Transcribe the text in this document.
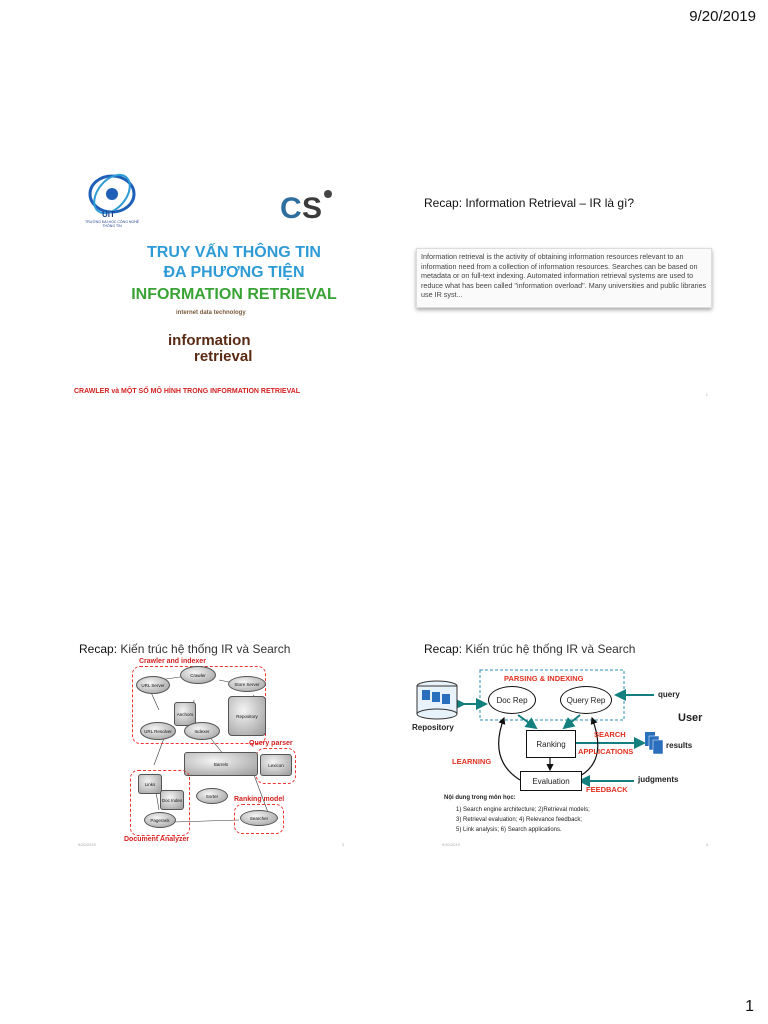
9/20/2019
UIT
TRƯỜNG ĐẠI HỌC CÔNG NGHỆ THÔNG TIN
C S
TRUY VẤN THÔNG TIN
ĐA PHƯƠNG TIỆN
INFORMATION RETRIEVAL
internet data technology
information
retrieval
CRAWLER và MỘT SỐ MÔ HÌNH TRONG INFORMATION RETRIEVAL
Recap: Information Retrieval – IR là gì?
Information retrieval is the activity of obtaining information resources relevant to an information need from a collection of information resources. Searches can be based on metadata or on full-text indexing. Automated information retrieval systems are used to reduce what has been called "information overload". Many universities and public libraries use IR syst...
1
Recap: Kiến trúc hệ thống IR và Search
Crawler and indexer
URL Server
Crawler
Store Server
Anchors	Repository
URL Resolver	Indexer
Query parser
Barrels	Lexicon
Links
Doc Index
Pagerank
Sorter	Ranking model
Searcher
Document Analyzer
9/20/2019	3
Recap: Kiến trúc hệ thống IR và Search
PARSING & INDEXING
Doc Rep	Query Rep
query
User
Repository
Ranking
SEARCH
APPLICATIONS
results
LEARNING
Evaluation	judgments
FEEDBACK
Nội dung trong môn học:
1) Search engine architecture; 2)Retrieval models;
3) Retrieval evaluation; 4) Relevance feedback;
5) Link analysis; 6) Search applications.
9/20/2019	4
1
